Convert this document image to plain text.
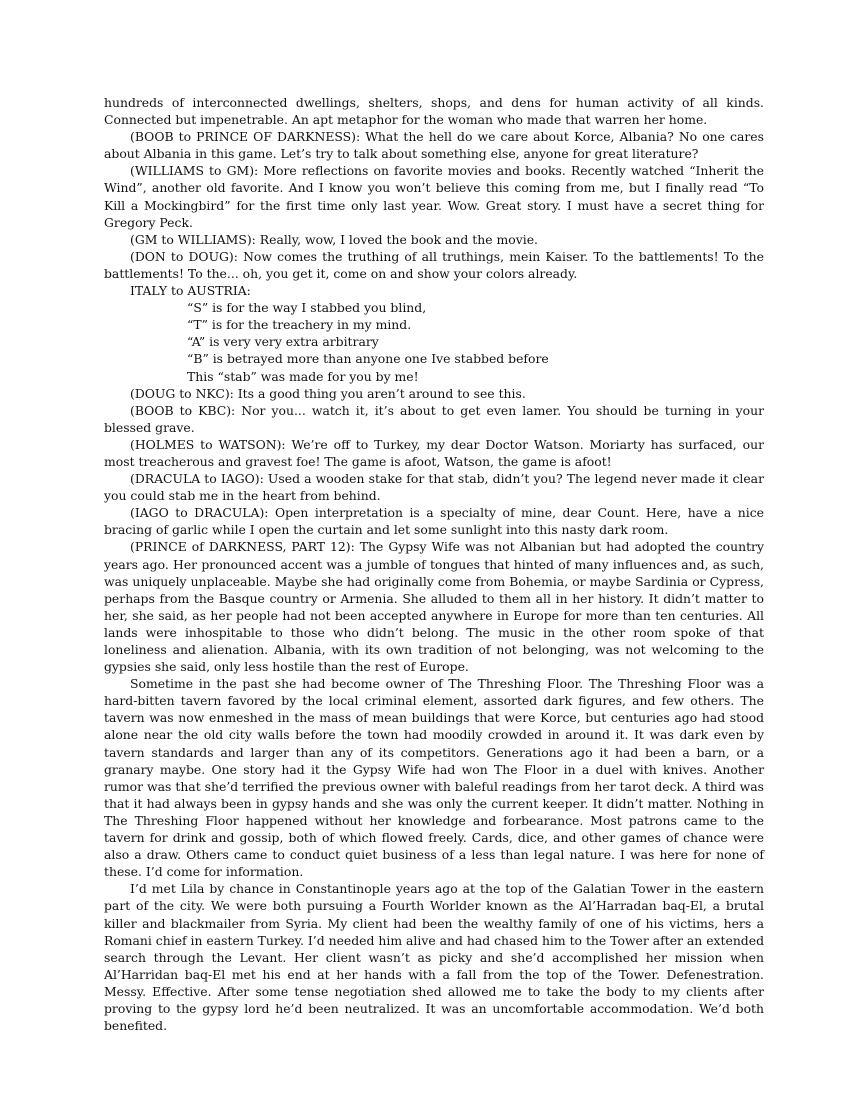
hundreds of interconnected dwellings, shelters, shops, and dens for human activity of all kinds. Connected but impenetrable. An apt metaphor for the woman who made that warren her home.

(BOOB to PRINCE OF DARKNESS): What the hell do we care about Korce, Albania? No one cares about Albania in this game. Let’s try to talk about something else, anyone for great literature?

(WILLIAMS to GM): More reflections on favorite movies and books. Recently watched “Inherit the Wind”, another old favorite. And I know you won’t believe this coming from me, but I finally read “To Kill a Mockingbird” for the first time only last year. Wow. Great story. I must have a secret thing for Gregory Peck.

(GM to WILLIAMS): Really, wow, I loved the book and the movie.

(DON to DOUG): Now comes the truthing of all truthings, mein Kaiser. To the battlements! To the battlements! To the... oh, you get it, come on and show your colors already.

ITALY to AUSTRIA:

“S” is for the way I stabbed you blind,
“T” is for the treachery in my mind.
“A” is very very extra arbitrary
“B” is betrayed more than anyone one Ive stabbed before
This “stab” was made for you by me!

(DOUG to NKC): Its a good thing you aren’t around to see this.

(BOOB to KBC): Nor you... watch it, it’s about to get even lamer. You should be turning in your blessed grave.

(HOLMES to WATSON): We’re off to Turkey, my dear Doctor Watson. Moriarty has surfaced, our most treacherous and gravest foe! The game is afoot, Watson, the game is afoot!

(DRACULA to IAGO): Used a wooden stake for that stab, didn’t you? The legend never made it clear you could stab me in the heart from behind.

(IAGO to DRACULA): Open interpretation is a specialty of mine, dear Count. Here, have a nice bracing of garlic while I open the curtain and let some sunlight into this nasty dark room.

(PRINCE of DARKNESS, PART 12): The Gypsy Wife was not Albanian but had adopted the country years ago. Her pronounced accent was a jumble of tongues that hinted of many influences and, as such, was uniquely unplaceable. Maybe she had originally come from Bohemia, or maybe Sardinia or Cypress, perhaps from the Basque country or Armenia. She alluded to them all in her history. It didn’t matter to her, she said, as her people had not been accepted anywhere in Europe for more than ten centuries. All lands were inhospitable to those who didn’t belong. The music in the other room spoke of that loneliness and alienation. Albania, with its own tradition of not belonging, was not welcoming to the gypsies she said, only less hostile than the rest of Europe.

Sometime in the past she had become owner of The Threshing Floor. The Threshing Floor was a hard-bitten tavern favored by the local criminal element, assorted dark figures, and few others. The tavern was now enmeshed in the mass of mean buildings that were Korce, but centuries ago had stood alone near the old city walls before the town had moodily crowded in around it. It was dark even by tavern standards and larger than any of its competitors. Generations ago it had been a barn, or a granary maybe. One story had it the Gypsy Wife had won The Floor in a duel with knives. Another rumor was that she’d terrified the previous owner with baleful readings from her tarot deck. A third was that it had always been in gypsy hands and she was only the current keeper. It didn’t matter. Nothing in The Threshing Floor happened without her knowledge and forbearance. Most patrons came to the tavern for drink and gossip, both of which flowed freely. Cards, dice, and other games of chance were also a draw. Others came to conduct quiet business of a less than legal nature. I was here for none of these. I’d come for information.

I’d met Lila by chance in Constantinople years ago at the top of the Galatian Tower in the eastern part of the city. We were both pursuing a Fourth Worlder known as the Al’Harradan baq-El, a brutal killer and blackmailer from Syria. My client had been the wealthy family of one of his victims, hers a Romani chief in eastern Turkey. I’d needed him alive and had chased him to the Tower after an extended search through the Levant. Her client wasn’t as picky and she’d accomplished her mission when Al’Harridan baq-El met his end at her hands with a fall from the top of the Tower. Defenestration. Messy. Effective. After some tense negotiation shed allowed me to take the body to my clients after proving to the gypsy lord he’d been neutralized. It was an uncomfortable accommodation. We’d both benefited.
